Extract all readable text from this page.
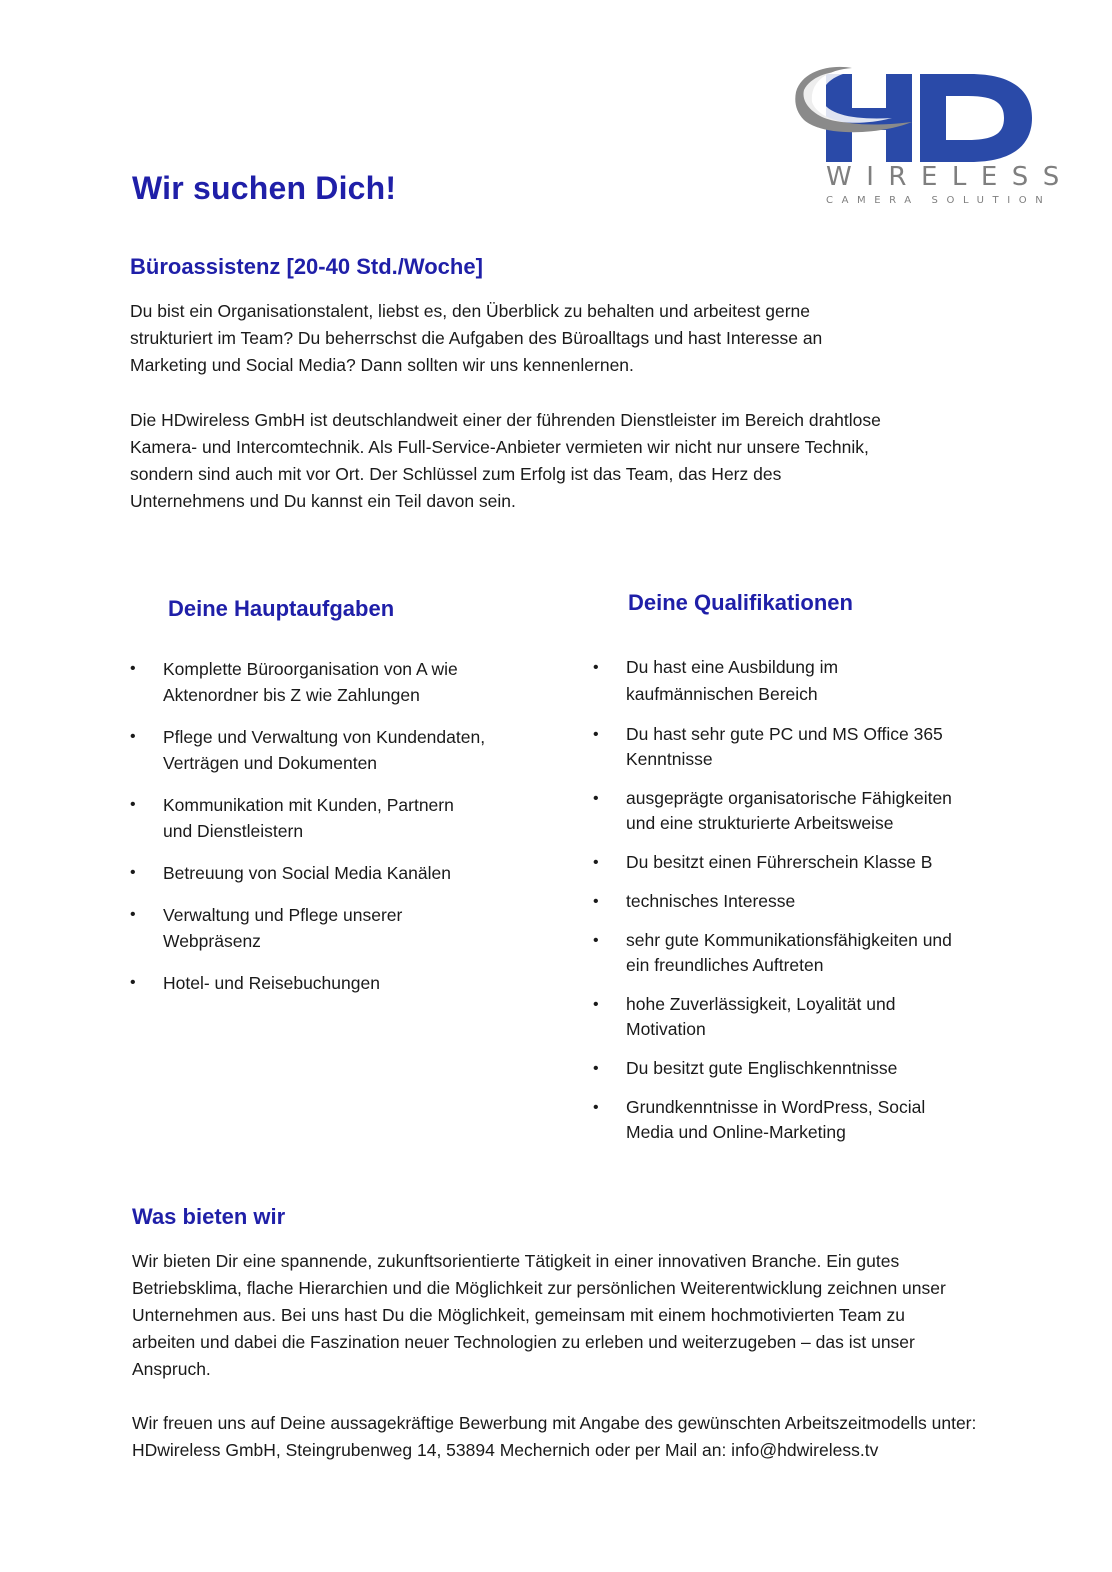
WIRELESS
CAMERA SOLUTION
Wir suchen Dich!
Büroassistenz [20-40 Std./Woche]

Du bist ein Organisationstalent, liebst es, den Überblick zu behalten und arbeitest gerne

strukturiert im Team? Du beherrschst die Aufgaben des Büroalltags und hast Interesse an

Marketing und Social Media? Dann sollten wir uns kennenlernen.

Die HDwireless GmbH ist deutschlandweit einer der führenden Dienstleister im Bereich drahtlose

Kamera- und Intercomtechnik. Als Full-Service-Anbieter vermieten wir nicht nur unsere Technik,

sondern sind auch mit vor Ort. Der Schlüssel zum Erfolg ist das Team, das Herz des

Unternehmens und Du kannst ein Teil davon sein.

Deine Hauptaufgaben	Deine Qualifikationen
• Komplette Büroorganisation von A wie
Aktenordner bis Z wie Zahlungen
• Pflege und Verwaltung von Kundendaten,
Verträgen und Dokumenten
• Kommunikation mit Kunden, Partnern
und Dienstleistern
• Betreuung von Social Media Kanälen
• Verwaltung und Pflege unserer
Webpräsenz
• Hotel- und Reisebuchungen
• Du hast eine Ausbildung im
kaufmännischen Bereich
• Du hast sehr gute PC und MS Office 365
Kenntnisse
• ausgeprägte organisatorische Fähigkeiten
und eine strukturierte Arbeitsweise
• Du besitzt einen Führerschein Klasse B
• technisches Interesse
• sehr gute Kommunikationsfähigkeiten und
ein freundliches Auftreten
• hohe Zuverlässigkeit, Loyalität und
Motivation
• Du besitzt gute Englischkenntnisse
• Grundkenntnisse in WordPress, Social
Media und Online-Marketing
Was bieten wir

Wir bieten Dir eine spannende, zukunftsorientierte Tätigkeit in einer innovativen Branche. Ein gutes

Betriebsklima, flache Hierarchien und die Möglichkeit zur persönlichen Weiterentwicklung zeichnen unser

Unternehmen aus. Bei uns hast Du die Möglichkeit, gemeinsam mit einem hochmotivierten Team zu

arbeiten und dabei die Faszination neuer Technologien zu erleben und weiterzugeben – das ist unser

Anspruch.

Wir freuen uns auf Deine aussagekräftige Bewerbung mit Angabe des gewünschten Arbeitszeitmodells unter:

HDwireless GmbH, Steingrubenweg 14, 53894 Mechernich oder per Mail an: info@hdwireless.tv
